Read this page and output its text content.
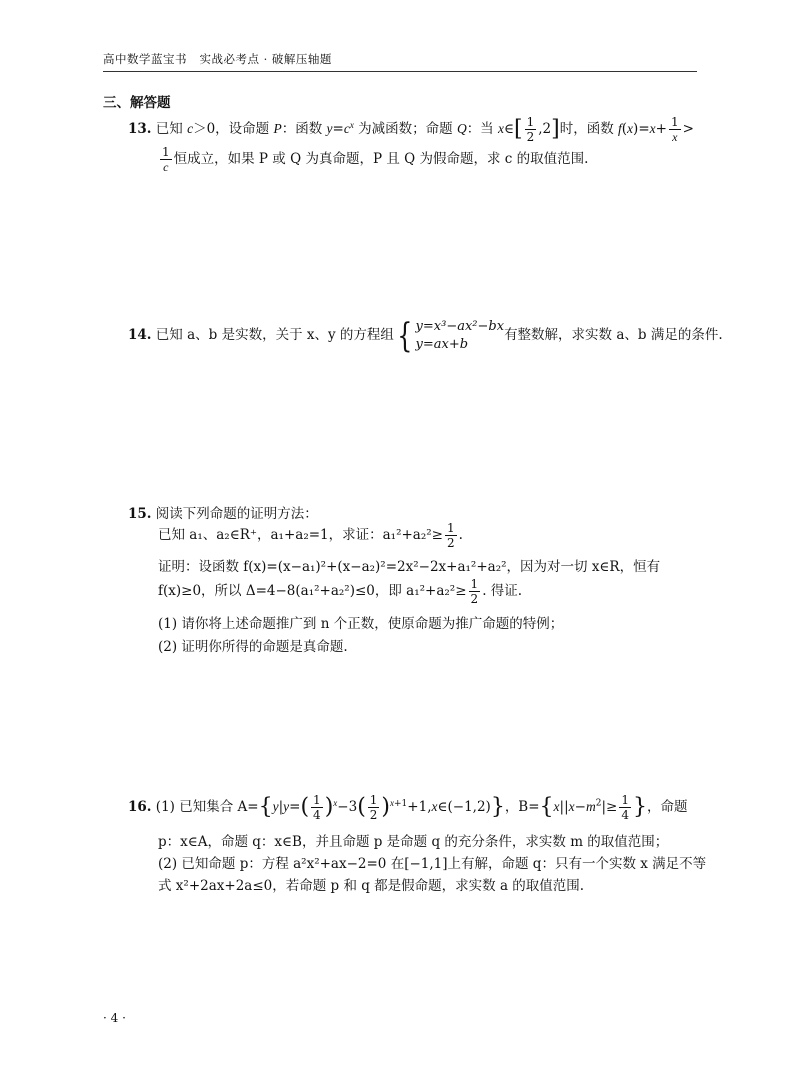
高中数学蓝宝书 实战必考点 · 破解压轴题
三、解答题
13. 已知 c＞0，设命题 P：函数 $y=c^x$ 为减函数；命题 Q：当 x∈[ $\frac{1}{2} ,2$]时，函数 $f(x)=x+ \frac{1}{x}$ >
$\frac{1}{c}$ 恒成立，如果 P 或 Q 为真命题，P 且 Q 为假命题，求 c 的取值范围.
14. 已知 a、b 是实数，关于 x、y 的方程组{ y=x³−ax²−bx
y=ax+b
有整数解，求实数 a、b 满足的条件.
15. 阅读下列命题的证明方法：
已知 a₁、a₂∈R⁺，a₁+a₂=1，求证：$a_1^2+a_2^2\ge \frac{1}{2}$ .
证明：设函数 f(x)=(x−a₁)²+(x−a₂)²=2x²−2x+a₁²+a₂²，因为对一切 x∈R，恒有
f(x)≥0，所以 Δ=4−8(a₁²+a₂²)≤0，即 $a_1^2+a_2^2\ge \frac{1}{2}$ . 得证.
(1) 请你将上述命题推广到 n 个正数，使原命题为推广命题的特例；
(2) 证明你所得的命题是真命题.
16. (1) 已知集合 $A=\{y|y=( \frac{1}{4} )^x-3( \frac{1}{2}$ )$^{x+1}+1,x\in(-1,2)$}，$B=\{x||x-m^2|\ge \frac{1}{4}$ }，命题
p：x∈A，命题 q：x∈B，并且命题 p 是命题 q 的充分条件，求实数 m 的取值范围；
(2) 已知命题 p：方程 a²x²+ax−2=0 在[−1,1]上有解，命题 q：只有一个实数 x 满足不等
式 x²+2ax+2a≤0，若命题 p 和 q 都是假命题，求实数 a 的取值范围.
· 4 ·
